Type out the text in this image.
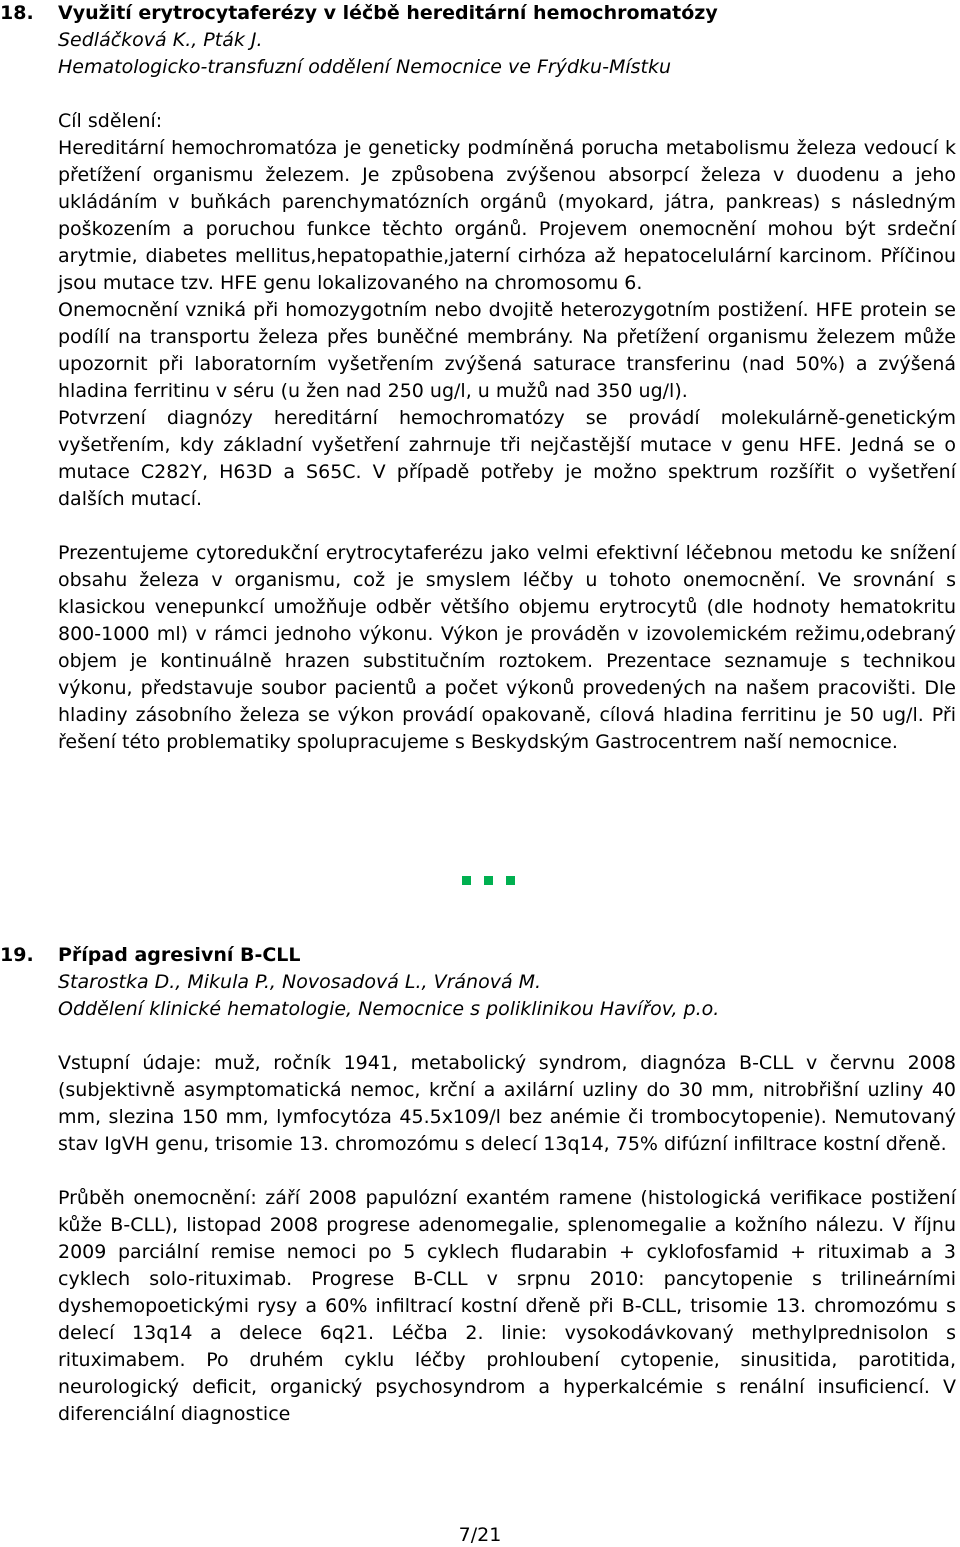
18. Využití erytrocytaferézy v léčbě hereditární hemochromatózy
Sedláčková K., Pták J.
Hematologicko-transfuzní oddělení Nemocnice ve Frýdku-Místku

Cíl sdělení:

Hereditární hemochromatóza je geneticky podmíněná porucha metabolismu železa vedoucí k přetížení organismu železem. Je způsobena zvýšenou absorpcí železa v duodenu a jeho ukládáním v buňkách parenchymatózních orgánů (myokard, játra, pankreas) s následným poškozením a poruchou funkce těchto orgánů. Projevem onemocnění mohou být srdeční arytmie, diabetes mellitus,hepatopathie,jaterní cirhóza až hepatocelulární karcinom. Příčinou jsou mutace tzv. HFE genu lokalizovaného na chromosomu 6.

Onemocnění vzniká při homozygotním nebo dvojitě heterozygotním postižení. HFE protein se podílí na transportu železa přes buněčné membrány. Na přetížení organismu železem může upozornit při laboratorním vyšetřením zvýšená saturace transferinu (nad 50%) a zvýšená hladina ferritinu v séru (u žen nad 250 ug/l, u mužů nad 350 ug/l).

Potvrzení diagnózy hereditární hemochromatózy se provádí molekulárně-genetickým vyšetřením, kdy základní vyšetření zahrnuje tři nejčastější mutace v genu HFE. Jedná se o mutace C282Y, H63D a S65C. V případě potřeby je možno spektrum rozšířit o vyšetření dalších mutací.

Prezentujeme cytoredukční erytrocytaferézu jako velmi efektivní léčebnou metodu ke snížení obsahu železa v organismu, což je smyslem léčby u tohoto onemocnění. Ve srovnání s klasickou venepunkcí umožňuje odběr většího objemu erytrocytů (dle hodnoty hematokritu 800-1000 ml) v rámci jednoho výkonu. Výkon je prováděn v izovolemickém režimu,odebraný objem je kontinuálně hrazen substitučním roztokem. Prezentace seznamuje s technikou výkonu, představuje soubor pacientů a počet výkonů provedených na našem pracovišti. Dle hladiny zásobního železa se výkon provádí opakovaně, cílová hladina ferritinu je 50 ug/l. Při řešení této problematiky spolupracujeme s Beskydským Gastrocentrem naší nemocnice.

19. Případ agresivní B-CLL
Starostka D., Mikula P., Novosadová L., Vránová M.
Oddělení klinické hematologie, Nemocnice s poliklinikou Havířov, p.o.

Vstupní údaje: muž, ročník 1941, metabolický syndrom, diagnóza B-CLL v červnu 2008 (subjektivně asymptomatická nemoc, krční a axilární uzliny do 30 mm, nitrobřišní uzliny 40 mm, slezina 150 mm, lymfocytóza 45.5x109/l bez anémie či trombocytopenie). Nemutovaný stav IgVH genu, trisomie 13. chromozómu s delecí 13q14, 75% difúzní infiltrace kostní dřeně.

Průběh onemocnění: září 2008 papulózní exantém ramene (histologická verifikace postižení kůže B-CLL), listopad 2008 progrese adenomegalie, splenomegalie a kožního nálezu. V říjnu 2009 parciální remise nemoci po 5 cyklech fludarabin + cyklofosfamid + rituximab a 3 cyklech solo-rituximab. Progrese B-CLL v srpnu 2010: pancytopenie s trilineárními dyshemopoetickými rysy a 60% infiltrací kostní dřeně při B-CLL, trisomie 13. chromozómu s delecí 13q14 a delece 6q21. Léčba 2. linie: vysokodávkovaný methylprednisolon s rituximabem. Po druhém cyklu léčby prohloubení cytopenie, sinusitida, parotitida, neurologický deficit, organický psychosyndrom a hyperkalcémie s renální insuficiencí. V diferenciální diagnostice

7/21
